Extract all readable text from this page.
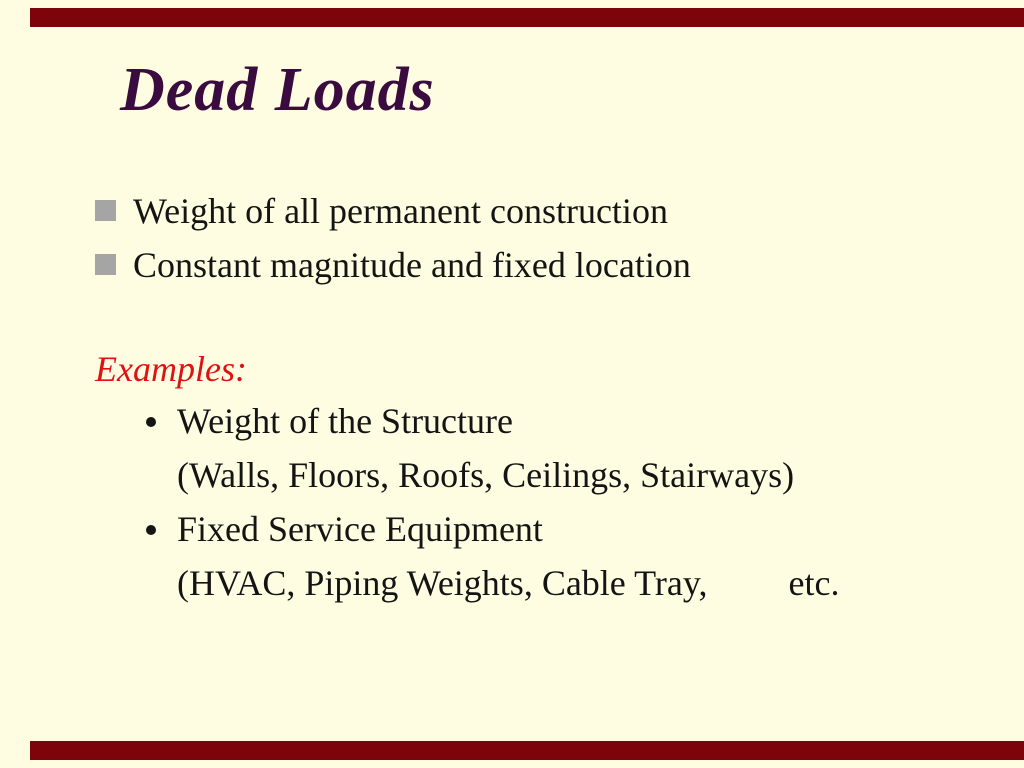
Dead Loads
Weight of all permanent construction
Constant magnitude and fixed location
Examples:
Weight of the Structure
(Walls, Floors, Roofs, Ceilings, Stairways)
Fixed Service Equipment
(HVAC, Piping Weights, Cable Tray,         etc.
